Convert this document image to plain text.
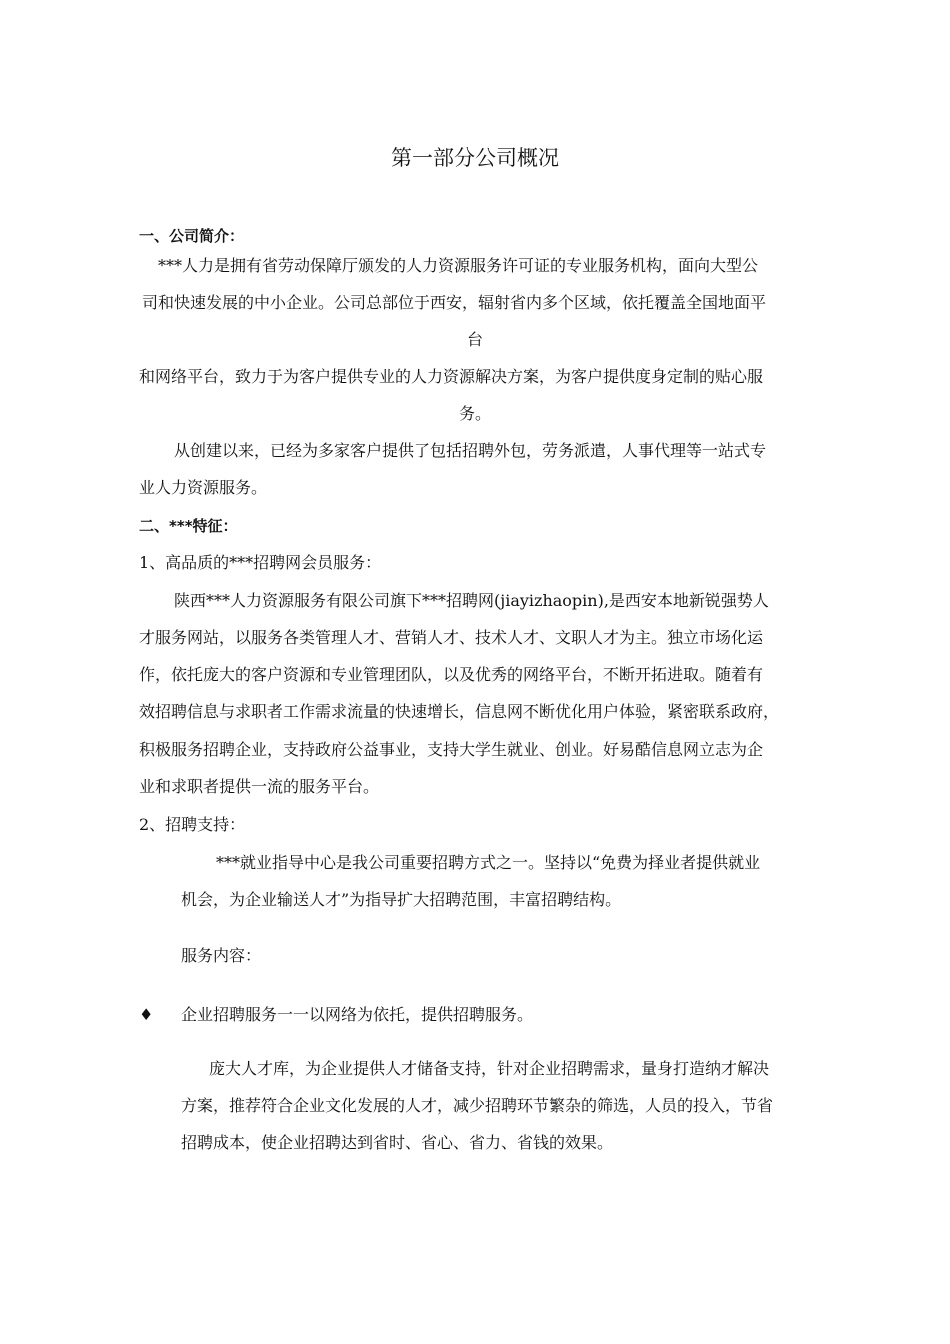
第一部分公司概况
一、公司简介：
***人力是拥有省劳动保障厅颁发的人力资源服务许可证的专业服务机构，面向大型公
司和快速发展的中小企业。公司总部位于西安，辐射省内多个区域，依托覆盖全国地面平
台
和网络平台，致力于为客户提供专业的人力资源解决方案，为客户提供度身定制的贴心服
务。
从创建以来，已经为多家客户提供了包括招聘外包，劳务派遣，人事代理等一站式专
业人力资源服务。
二、***特征：
1、高品质的***招聘网会员服务：
陕西***人力资源服务有限公司旗下***招聘网(jiayizhaopin),是西安本地新锐强势人
才服务网站，以服务各类管理人才、营销人才、技术人才、文职人才为主。独立市场化运
作，依托庞大的客户资源和专业管理团队，以及优秀的网络平台，不断开拓进取。随着有
效招聘信息与求职者工作需求流量的快速增长，信息网不断优化用户体验，紧密联系政府，
积极服务招聘企业，支持政府公益事业，支持大学生就业、创业。好易酷信息网立志为企
业和求职者提供一流的服务平台。
2、招聘支持：
***就业指导中心是我公司重要招聘方式之一。坚持以“免费为择业者提供就业
机会，为企业输送人才”为指导扩大招聘范围，丰富招聘结构。
服务内容：
♦ 企业招聘服务一一以网络为依托，提供招聘服务。
庞大人才库，为企业提供人才储备支持，针对企业招聘需求，量身打造纳才解决
方案，推荐符合企业文化发展的人才，减少招聘环节繁杂的筛选，人员的投入，节省
招聘成本，使企业招聘达到省时、省心、省力、省钱的效果。
